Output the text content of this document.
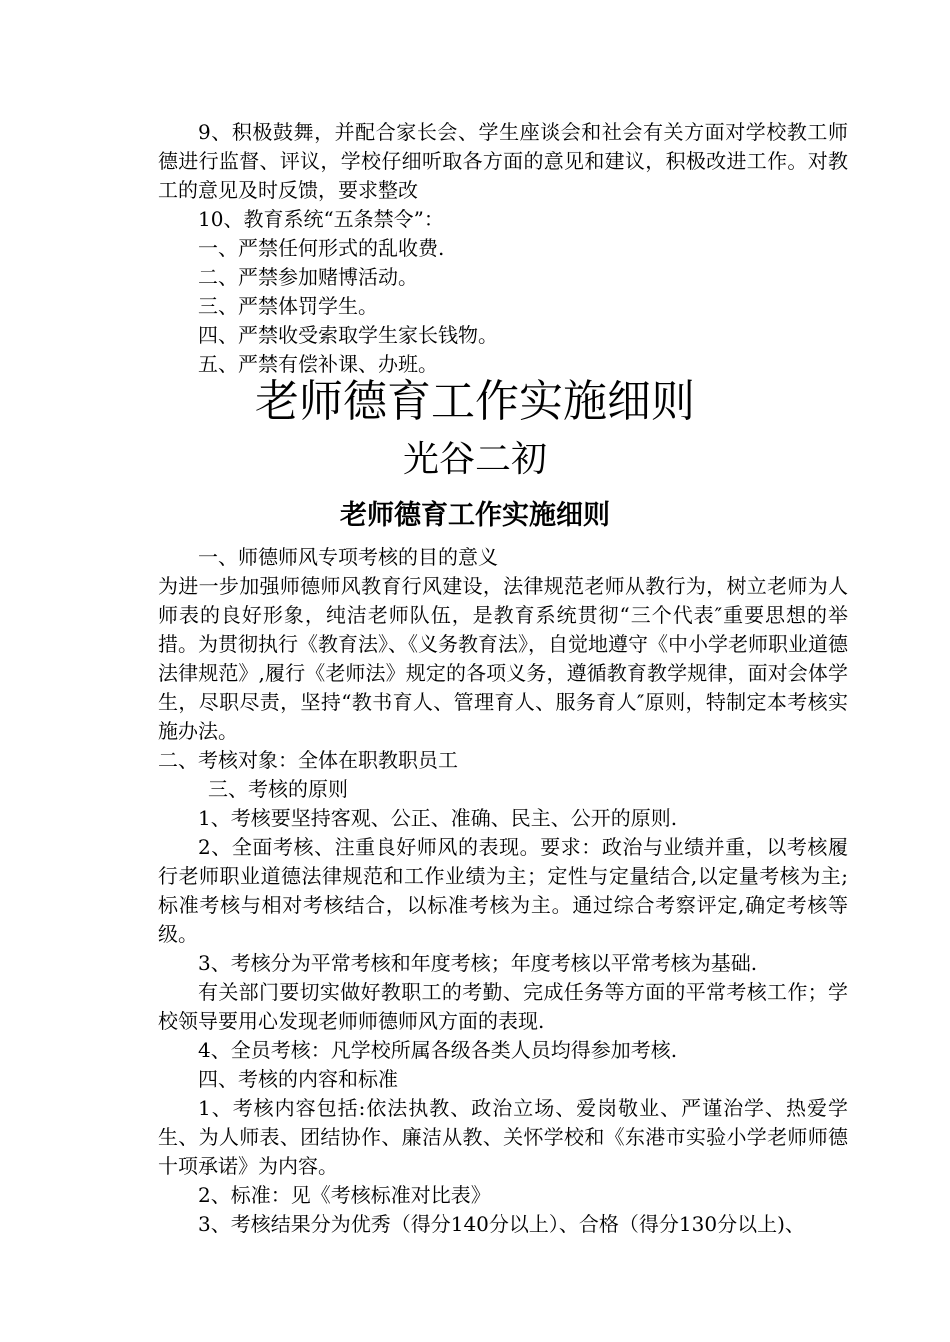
9、积极鼓舞，并配合家长会、学生座谈会和社会有关方面对学校教工师德进行监督、评议，学校仔细听取各方面的意见和建议，积极改进工作。对教工的意见及时反馈，要求整改

10、教育系统“五条禁令”：

一、严禁任何形式的乱收费.

二、严禁参加赌博活动。

三、严禁体罚学生。

四、严禁收受索取学生家长钱物。

五、严禁有偿补课、办班。

老师德育工作实施细则
光谷二初
老师德育工作实施细则

一、师德师风专项考核的目的意义

为进一步加强师德师风教育行风建设，法律规范老师从教行为，树立老师为人师表的良好形象，纯洁老师队伍，是教育系统贯彻“三个代表″重要思想的举措。为贯彻执行《教育法》、《义务教育法》，自觉地遵守《中小学老师职业道德法律规范》,履行《老师法》规定的各项义务，遵循教育教学规律，面对会体学生，尽职尽责，坚持“教书育人、管理育人、服务育人″原则，特制定本考核实施办法。

二、考核对象：全体在职教职员工

三、考核的原则

1、考核要坚持客观、公正、准确、民主、公开的原则.

2、全面考核、注重良好师风的表现。要求：政治与业绩并重，以考核履行老师职业道德法律规范和工作业绩为主；定性与定量结合,以定量考核为主;标准考核与相对考核结合，以标准考核为主。通过综合考察评定,确定考核等级。

3、考核分为平常考核和年度考核；年度考核以平常考核为基础.

有关部门要切实做好教职工的考勤、完成任务等方面的平常考核工作；学校领导要用心发现老师师德师风方面的表现.

4、全员考核：凡学校所属各级各类人员均得参加考核.

四、考核的内容和标准

1、考核内容包括:依法执教、政治立场、爱岗敬业、严谨治学、热爱学生、为人师表、团结协作、廉洁从教、关怀学校和《东港市实验小学老师师德十项承诺》为内容。

2、标准：见《考核标准对比表》

3、考核结果分为优秀（得分140分以上）、合格（得分130分以上)、
